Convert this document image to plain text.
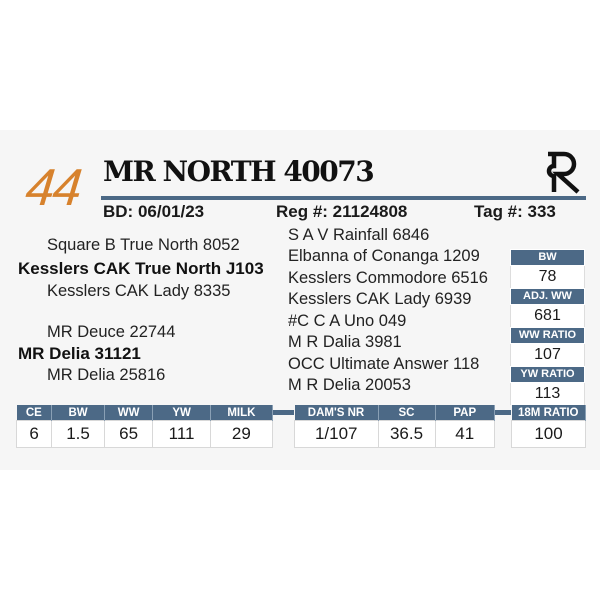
44 MR NORTH 40073
BD: 06/01/23	Reg #: 21124808	Tag #: 333
Square B True North 8052
Kesslers CAK True North J103
Kesslers CAK Lady 8335
MR Deuce 22744
MR Delia 31121
MR Delia 25816
S A V Rainfall 6846
Elbanna of Conanga 1209
Kesslers Commodore 6516
Kesslers CAK Lady 6939
#C C A Uno 049
M R Dalia 3981
OCC Ultimate Answer 118
M R Delia 20053
BW
78
ADJ. WW
681
WW RATIO
107
YW RATIO
113
CE	BW	WW	YW	MILK
6	1.5	65	111	29
DAM'S NR	SC	PAP
1/107	36.5	41
18M RATIO
100
